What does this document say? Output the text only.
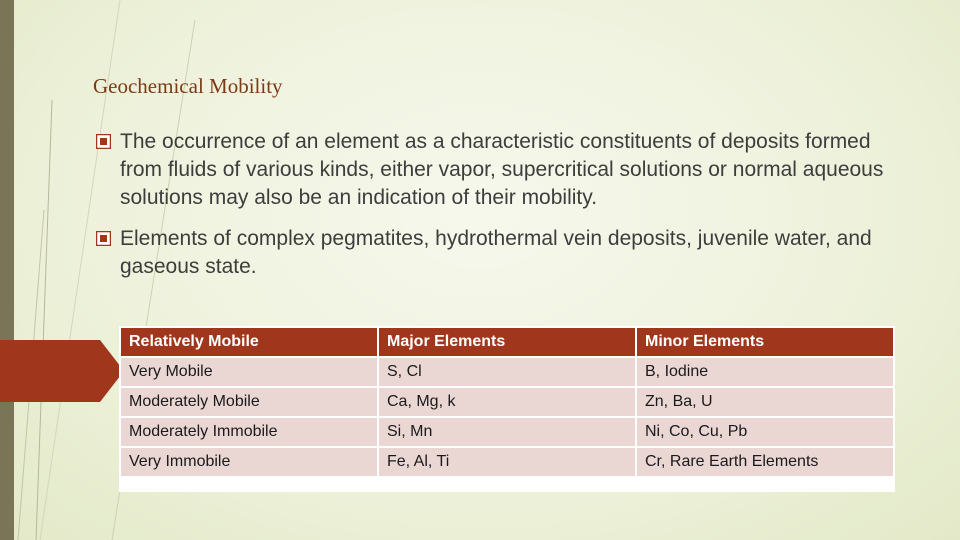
Geochemical Mobility
The occurrence of an element as a characteristic constituents of deposits formed from fluids of various kinds, either vapor, supercritical solutions or normal aqueous solutions may also be an indication of their mobility.
Elements of complex pegmatites, hydrothermal vein deposits, juvenile water, and gaseous state.
Relatively Mobile	Major Elements	Minor Elements
Very Mobile	S, Cl	B, Iodine
Moderately Mobile	Ca, Mg, k	Zn, Ba, U
Moderately Immobile	Si, Mn	Ni, Co, Cu, Pb
Very Immobile	Fe, Al, Ti	Cr, Rare Earth Elements
